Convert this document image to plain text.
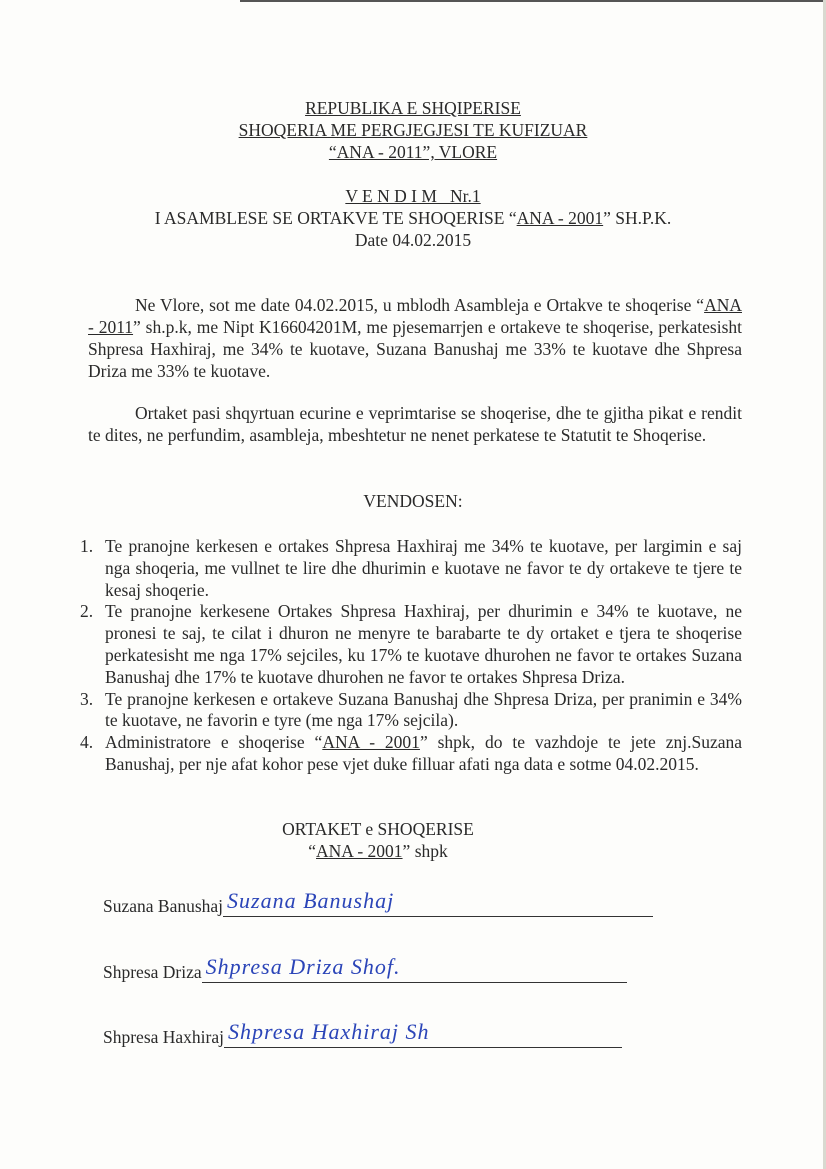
REPUBLIKA E SHQIPERISE
SHOQERIA ME PERGJEGJESI TE KUFIZUAR
“ANA - 2011”, VLORE
V E N D I M   Nr.1
I ASAMBLESE SE ORTAKVE TE SHOQERISE “ANA - 2001” SH.P.K.
Date 04.02.2015
Ne Vlore, sot me date 04.02.2015, u mblodh Asambleja e Ortakve te shoqerise “ANA - 2011” sh.p.k, me Nipt K16604201M, me pjesemarrjen e ortakeve te shoqerise, perkatesisht Shpresa Haxhiraj, me 34% te kuotave, Suzana Banushaj me 33% te kuotave dhe Shpresa Driza me 33% te kuotave.
Ortaket pasi shqyrtuan ecurine e veprimtarise se shoqerise, dhe te gjitha pikat e rendit te dites, ne perfundim, asambleja, mbeshtetur ne nenet perkatese te Statutit te Shoqerise.
VENDOSEN:
1. Te pranojne kerkesen e ortakes Shpresa Haxhiraj me 34% te kuotave, per largimin e saj nga shoqeria, me vullnet te lire dhe dhurimin e kuotave ne favor te dy ortakeve te tjere te kesaj shoqerie.
2. Te pranojne kerkesene Ortakes Shpresa Haxhiraj, per dhurimin e 34% te kuotave, ne pronesi te saj, te cilat i dhuron ne menyre te barabarte te dy ortaket e tjera te shoqerise perkatesisht me nga 17% sejciles, ku 17% te kuotave dhurohen ne favor te ortakes Suzana Banushaj dhe 17% te kuotave dhurohen ne favor te ortakes Shpresa Driza.
3. Te pranojne kerkesen e ortakeve Suzana Banushaj dhe Shpresa Driza, per pranimin e 34% te kuotave, ne favorin e tyre (me nga 17% sejcila).
4. Administratore e shoqerise “ANA - 2001” shpk, do te vazhdoje te jete znj.Suzana Banushaj, per nje afat kohor pese vjet duke filluar afati nga data e sotme 04.02.2015.
ORTAKET e SHOQERISE
“ANA - 2001” shpk
Suzana Banushaj Suzana Banushaj
Shpresa Driza Shpresa Driza Shof.
Shpresa Haxhiraj Shpresa Haxhiraj Sh
